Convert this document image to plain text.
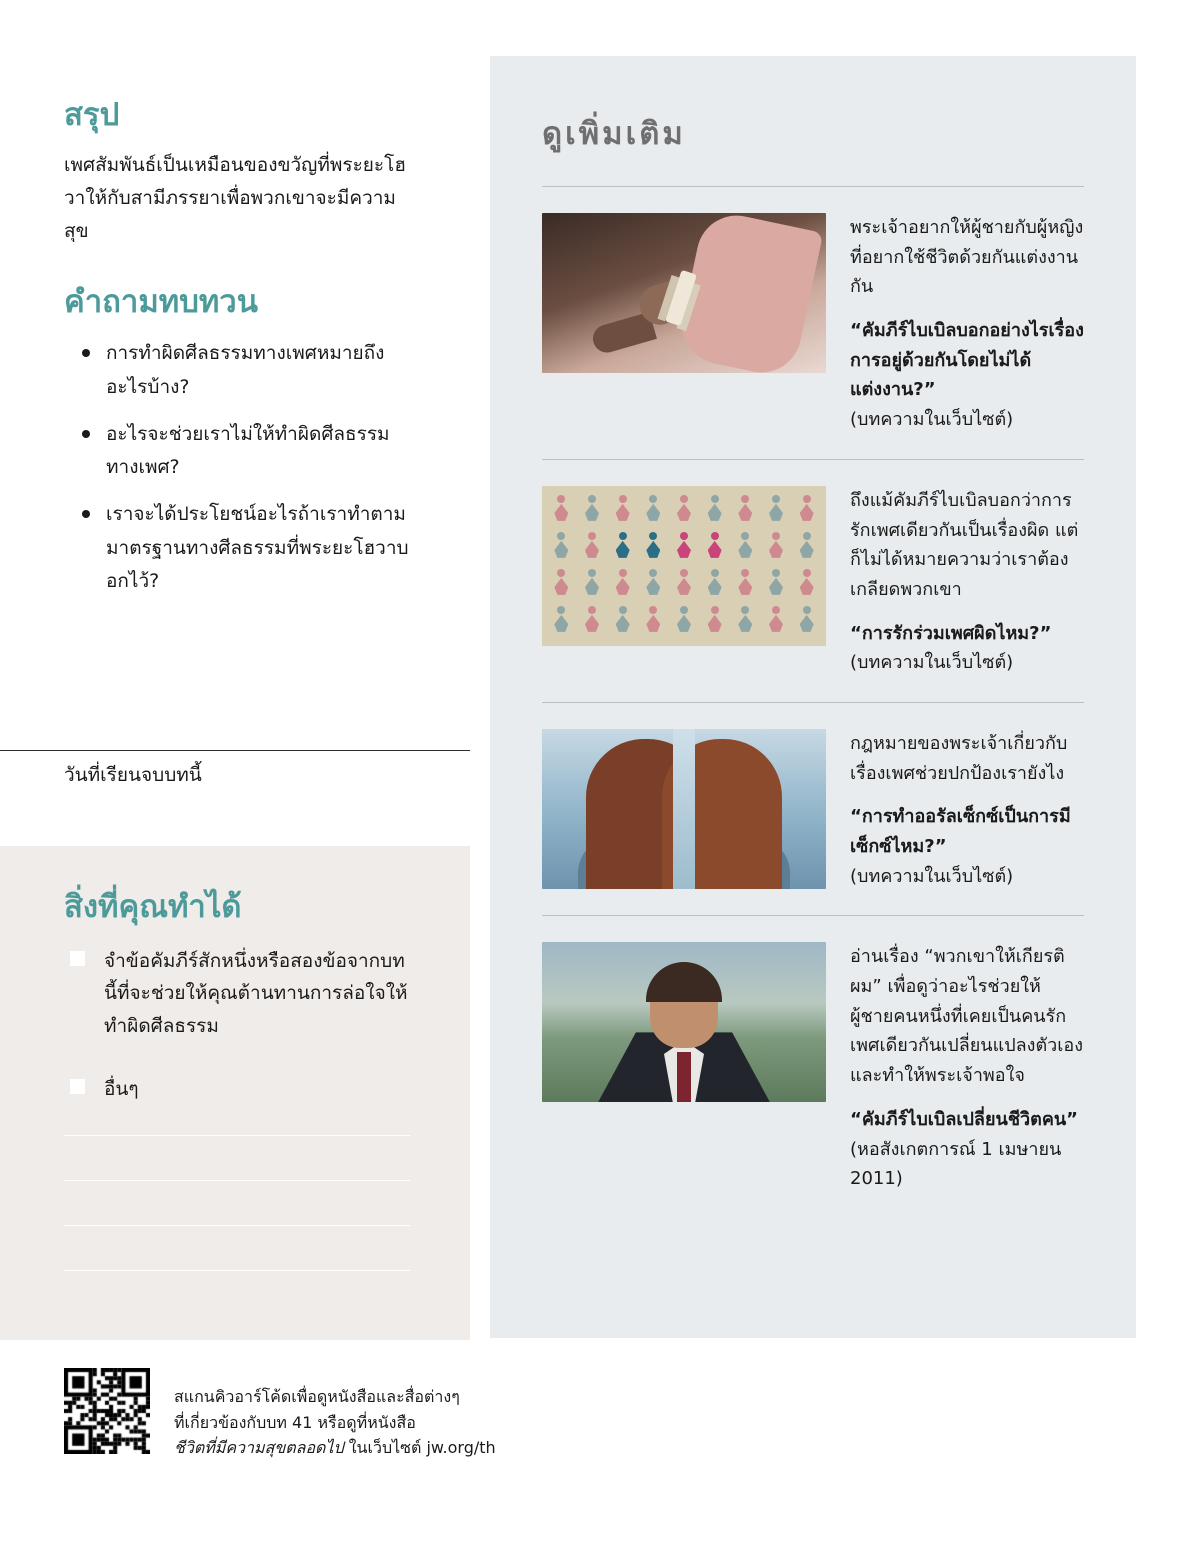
สรุป

เพศสัมพันธ์เป็นเหมือนของขวัญที่พระยะโฮวาให้กับสามีภรรยาเพื่อพวกเขาจะมีความสุข

คำถามทบทวน
การทำผิดศีลธรรมทางเพศหมายถึงอะไรบ้าง?
อะไรจะช่วยเราไม่ให้ทำผิดศีลธรรมทางเพศ?
เราจะได้ประโยชน์อะไรถ้าเราทำตามมาตรฐานทางศีลธรรมที่พระยะโฮวาบอกไว้?
วันที่เรียนจบบทนี้
สิ่งที่คุณทำได้
จำข้อคัมภีร์สักหนึ่งหรือสองข้อจากบทนี้ที่จะช่วยให้คุณต้านทานการล่อใจให้ทำผิดศีลธรรม
อื่นๆ
ดูเพิ่มเติม

พระเจ้าอยากให้ผู้ชายกับผู้หญิงที่อยากใช้ชีวิตด้วยกันแต่งงานกัน

“คัมภีร์ไบเบิลบอกอย่างไรเรื่องการอยู่ด้วยกันโดยไม่ได้แต่งงาน?”

(บทความในเว็บไซต์)

ถึงแม้คัมภีร์ไบเบิลบอกว่าการรักเพศเดียวกันเป็นเรื่องผิด แต่ก็ไม่ได้หมายความว่าเราต้องเกลียดพวกเขา

“การรักร่วมเพศผิดไหม?”

(บทความในเว็บไซต์)

กฎหมายของพระเจ้าเกี่ยวกับเรื่องเพศช่วยปกป้องเรายังไง

“การทำออรัลเซ็กซ์เป็นการมีเซ็กซ์ไหม?”

(บทความในเว็บไซต์)

อ่านเรื่อง “พวกเขาให้เกียรติผม” เพื่อดูว่าอะไรช่วยให้ผู้ชายคนหนึ่งที่เคยเป็นคนรักเพศเดียวกันเปลี่ยนแปลงตัวเองและทำให้พระเจ้าพอใจ

“คัมภีร์ไบเบิลเปลี่ยนชีวิตคน”

(หอสังเกตการณ์ 1 เมษายน 2011)

สแกนคิวอาร์โค้ดเพื่อดูหนังสือและสื่อต่างๆ
ที่เกี่ยวข้องกับบท 41 หรือดูที่หนังสือ
ชีวิตที่มีความสุขตลอดไป ในเว็บไซต์ jw.org/th
